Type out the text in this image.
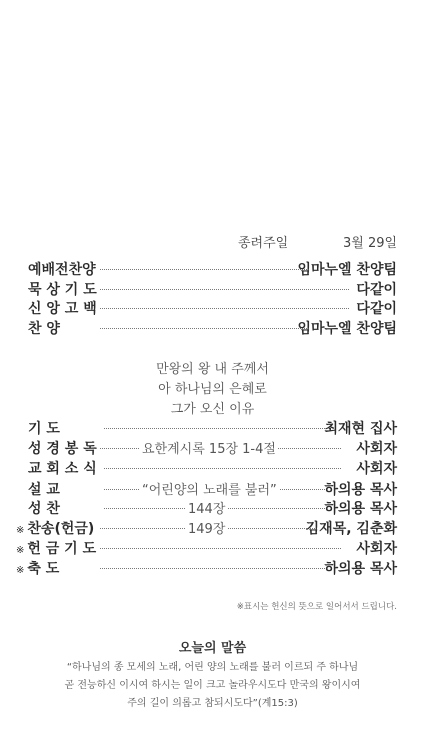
종려주일	3월 29일
예배전찬양	임마누엘 찬양팀
묵 상 기 도	다같이
신 앙 고 백	다같이
찬 양	임마누엘 찬양팀
만왕의 왕 내 주께서
아 하나님의 은혜로
그가 오신 이유
기 도	최재현 집사
성 경 봉 독	요한계시록 15장 1-4절	사회자
교 회 소 식	사회자
설 교	“어린양의 노래를 불러”	하의용 목사
성 찬	144장	하의용 목사
※ 찬송(헌금)	149장	김재목, 김춘화
※ 헌 금 기 도	사회자
※ 축 도	하의용 목사
※표시는 헌신의 뜻으로 일어서서 드립니다.
오늘의 말씀
“하나님의 종 모세의 노래, 어린 양의 노래를 불러 이르되 주 하나님
곧 전능하신 이시여 하시는 일이 크고 놀라우시도다 만국의 왕이시여
주의 길이 의롭고 참되시도다”(계15:3)
